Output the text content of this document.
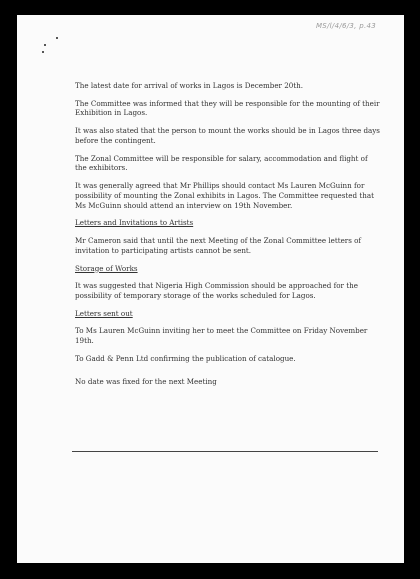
MS/l/4/6/3, p.43

The latest date for arrival of works in Lagos is December 20th.

The Committee was informed that they will be responsible for the mounting of their Exhibition in Lagos.

It was also stated that the person to mount the works should be in Lagos three days before the contingent.

The Zonal Committee will be responsible for salary, accommodation and flight of the exhibitors.

It was generally agreed that Mr Phillips should contact Ms Lauren McGuinn for possibility of mounting the Zonal exhibits in Lagos. The Committee requested that Ms McGuinn should attend an interview on 19th November.

Letters and Invitations to Artists

Mr Cameron said that until the next Meeting of the Zonal Committee letters of invitation to participating artists cannot be sent.

Storage of Works

It was suggested that Nigeria High Commission should be approached for the possibility of temporary storage of the works scheduled for Lagos.

Letters sent out

To Ms Lauren McGuinn inviting her to meet the Committee on Friday November 19th.

To Gadd & Penn Ltd confirming the publication of catalogue.

No date was fixed for the next Meeting
